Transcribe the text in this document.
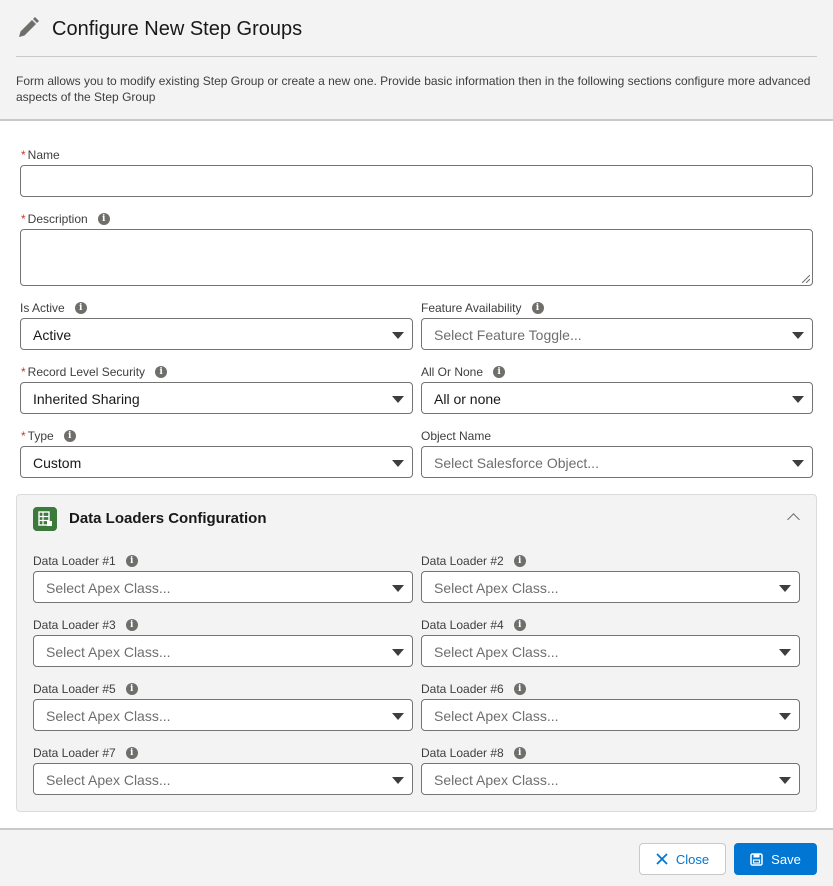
Configure New Step Groups
Form allows you to modify existing Step Group or create a new one. Provide basic information then in the following sections configure more advanced aspects of the Step Group
* Name
* Description	i
Is Active	i
Active
Feature Availability	i
Select Feature Toggle...
* Record Level Security	i
Inherited Sharing
All Or None	i
All or none
* Type	i
Custom
Object Name
Select Salesforce Object...
Data Loaders Configuration
Data Loader #1	i
Select Apex Class...
Data Loader #2	i
Select Apex Class...
Data Loader #3	i
Select Apex Class...
Data Loader #4	i
Select Apex Class...
Data Loader #5	i
Select Apex Class...
Data Loader #6	i
Select Apex Class...
Data Loader #7	i
Select Apex Class...
Data Loader #8	i
Select Apex Class...
Close	Save
